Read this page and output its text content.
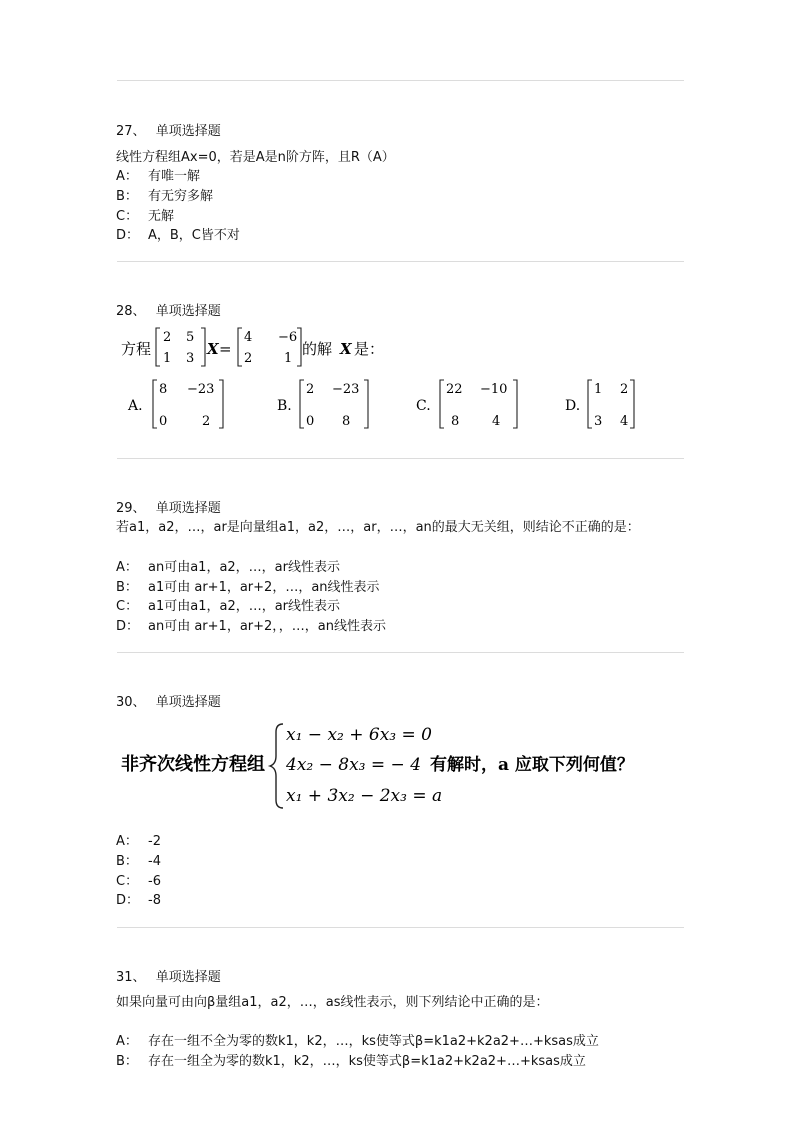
27、 单项选择题
线性方程组Ax=0，若是A是n阶方阵，且R（A）
A： 有唯一解
B： 有无穷多解
C： 无解
D： A，B，C皆不对
28、 单项选择题
方程
2 5
1 3
X =
4 −6
2 1
的解 X 是：
A.
8 −23
0	2
B.
2 −23
0 8
C.
22 −10
8	4
D.
1 2
3 4
29、 单项选择题
若a1，a2，…，ar是向量组a1，a2，…，ar，…，an的最大无关组，则结论不正确的是：
A： an可由a1，a2，…，ar线性表示
B： a1可由 ar+1，ar+2，…，an线性表示
C： a1可由a1，a2，…，ar线性表示
D： an可由 ar+1，ar+2，，…，an线性表示
30、 单项选择题
非齐次线性方程组
x₁ − x₂ + 6x₃ = 0
4x₂ − 8x₃ = − 4
x₁ + 3x₂ − 2x₃ = a
有解时，a 应取下列何值？
A： -2
B： -4
C： -6
D： -8
31、 单项选择题
如果向量可由向β量组a1，a2，…，as线性表示，则下列结论中正确的是：
A： 存在一组不全为零的数k1，k2，…，ks使等式β=k1a2+k2a2+…+ksas成立
B： 存在一组全为零的数k1，k2，…，ks使等式β=k1a2+k2a2+…+ksas成立
